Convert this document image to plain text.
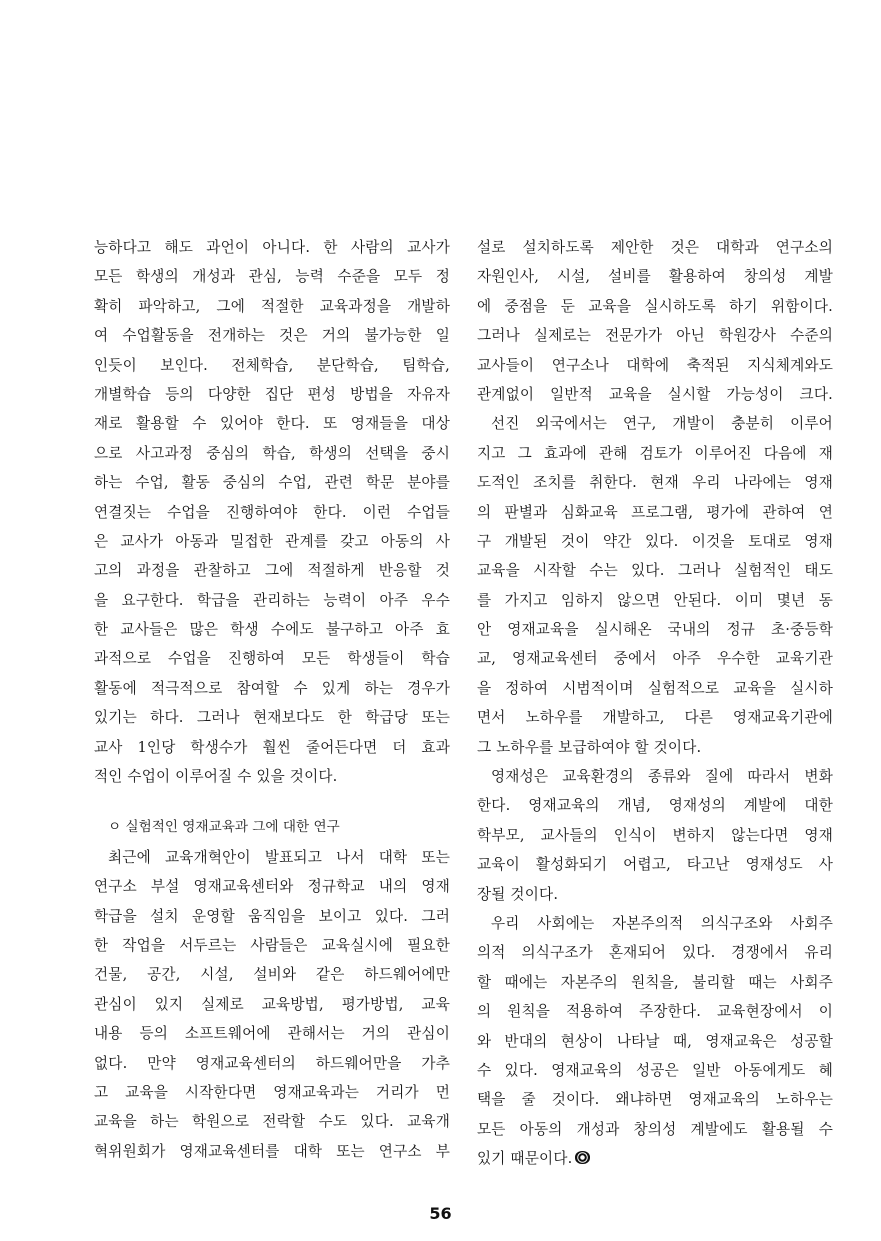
능하다고 해도 과언이 아니다. 한 사람의 교사가
모든 학생의 개성과 관심, 능력 수준을 모두 정
확히 파악하고, 그에 적절한 교육과정을 개발하
여 수업활동을 전개하는 것은 거의 불가능한 일
인듯이 보인다. 전체학습, 분단학습, 팀학습,
개별학습 등의 다양한 집단 편성 방법을 자유자
재로 활용할 수 있어야 한다. 또 영재들을 대상
으로 사고과정 중심의 학습, 학생의 선택을 중시
하는 수업, 활동 중심의 수업, 관련 학문 분야를
연결짓는 수업을 진행하여야 한다. 이런 수업들
은 교사가 아동과 밀접한 관계를 갖고 아동의 사
고의 과정을 관찰하고 그에 적절하게 반응할 것
을 요구한다. 학급을 관리하는 능력이 아주 우수
한 교사들은 많은 학생 수에도 불구하고 아주 효
과적으로 수업을 진행하여 모든 학생들이 학습
활동에 적극적으로 참여할 수 있게 하는 경우가
있기는 하다. 그러나 현재보다도 한 학급당 또는
교사 1인당 학생수가 훨씬 줄어든다면 더 효과
적인 수업이 이루어질 수 있을 것이다.
ㅇ 실험적인 영재교육과 그에 대한 연구
최근에 교육개혁안이 발표되고 나서 대학 또는
연구소 부설 영재교육센터와 정규학교 내의 영재
학급을 설치 운영할 움직임을 보이고 있다. 그러
한 작업을 서두르는 사람들은 교육실시에 필요한
건물, 공간, 시설, 설비와 같은 하드웨어에만
관심이 있지 실제로 교육방법, 평가방법, 교육
내용 등의 소프트웨어에 관해서는 거의 관심이
없다. 만약 영재교육센터의 하드웨어만을 가추
고 교육을 시작한다면 영재교육과는 거리가 먼
교육을 하는 학원으로 전락할 수도 있다. 교육개
혁위원회가 영재교육센터를 대학 또는 연구소 부
설로 설치하도록 제안한 것은 대학과 연구소의
자원인사, 시설, 설비를 활용하여 창의성 계발
에 중점을 둔 교육을 실시하도록 하기 위함이다.
그러나 실제로는 전문가가 아닌 학원강사 수준의
교사들이 연구소나 대학에 축적된 지식체계와도
관계없이 일반적 교육을 실시할 가능성이 크다.
선진 외국에서는 연구, 개발이 충분히 이루어
지고 그 효과에 관해 검토가 이루어진 다음에 재
도적인 조치를 취한다. 현재 우리 나라에는 영재
의 판별과 심화교육 프로그램, 평가에 관하여 연
구 개발된 것이 약간 있다. 이것을 토대로 영재
교육을 시작할 수는 있다. 그러나 실험적인 태도
를 가지고 임하지 않으면 안된다. 이미 몇년 동
안 영재교육을 실시해온 국내의 정규 초·중등학
교, 영재교육센터 중에서 아주 우수한 교육기관
을 정하여 시범적이며 실험적으로 교육을 실시하
면서 노하우를 개발하고, 다른 영재교육기관에
그 노하우를 보급하여야 할 것이다.
영재성은 교육환경의 종류와 질에 따라서 변화
한다. 영재교육의 개념, 영재성의 계발에 대한
학부모, 교사들의 인식이 변하지 않는다면 영재
교육이 활성화되기 어렵고, 타고난 영재성도 사
장될 것이다.
우리 사회에는 자본주의적 의식구조와 사회주
의적 의식구조가 혼재되어 있다. 경쟁에서 유리
할 때에는 자본주의 원칙을, 불리할 때는 사회주
의 원칙을 적용하여 주장한다. 교육현장에서 이
와 반대의 현상이 나타날 때, 영재교육은 성공할
수 있다. 영재교육의 성공은 일반 아동에게도 혜
택을 줄 것이다. 왜냐하면 영재교육의 노하우는
모든 아동의 개성과 창의성 계발에도 활용될 수
있기 때문이다.
56
